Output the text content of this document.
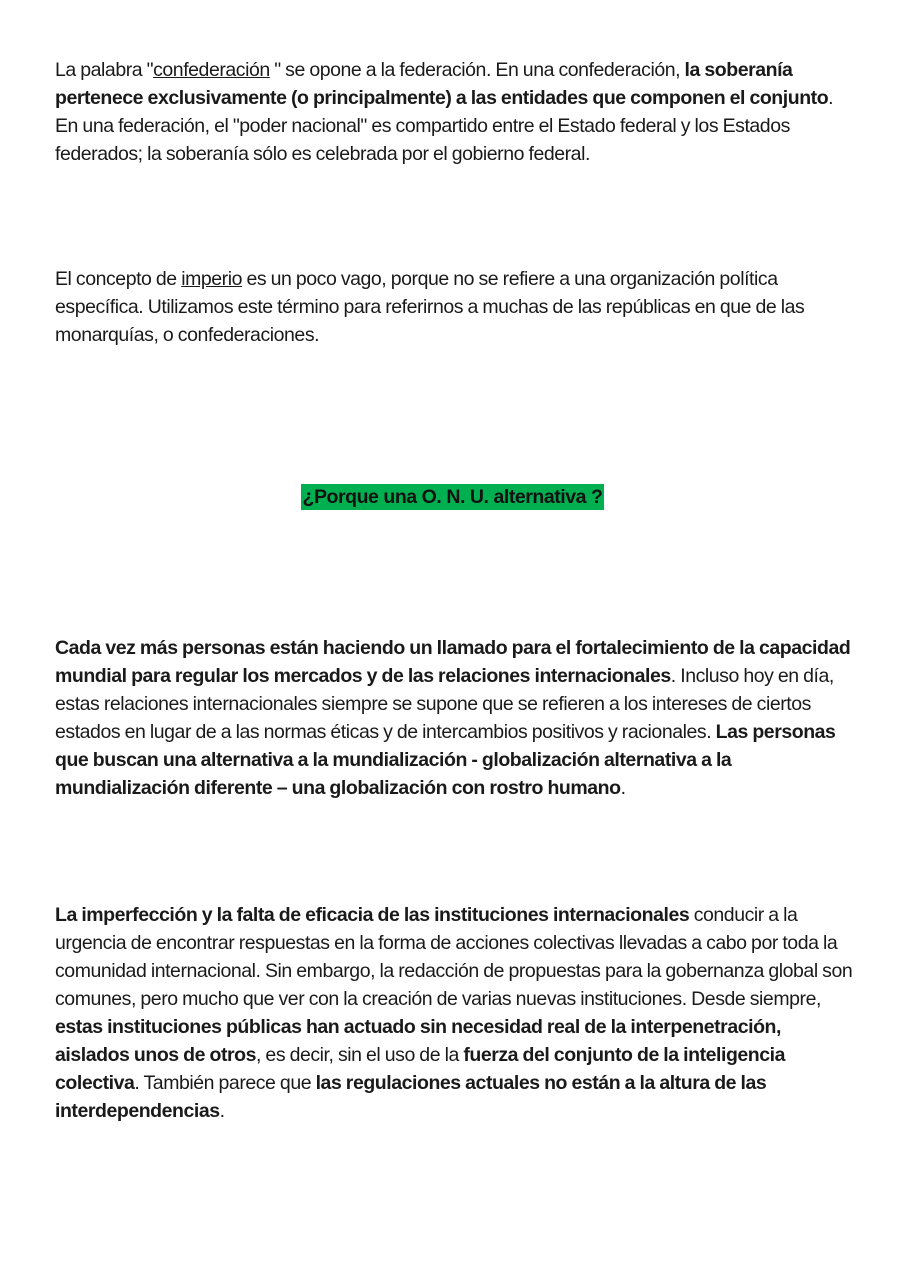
La palabra "confederación " se opone a la federación. En una confederación, la soberanía pertenece exclusivamente (o principalmente) a las entidades que componen el conjunto. En una federación, el "poder nacional" es compartido entre el Estado federal y los Estados federados; la soberanía sólo es celebrada por el gobierno federal.

El concepto de imperio es un poco vago, porque no se refiere a una organización política específica. Utilizamos este término para referirnos a muchas de las repúblicas en que de las monarquías, o confederaciones.

¿Porque una O. N. U. alternativa ?

Cada vez más personas están haciendo un llamado para el fortalecimiento de la capacidad mundial para regular los mercados y de las relaciones internacionales. Incluso hoy en día, estas relaciones internacionales siempre se supone que se refieren a los intereses de ciertos estados en lugar de a las normas éticas y de intercambios positivos y racionales. Las personas que buscan una alternativa a la mundialización - globalización alternativa a la mundialización diferente – una globalización con rostro humano.

La imperfección y la falta de eficacia de las instituciones internacionales conducir a la urgencia de encontrar respuestas en la forma de acciones colectivas llevadas a cabo por toda la comunidad internacional. Sin embargo, la redacción de propuestas para la gobernanza global son comunes, pero mucho que ver con la creación de varias nuevas instituciones. Desde siempre, estas instituciones públicas han actuado sin necesidad real de la interpenetración, aislados unos de otros, es decir, sin el uso de la fuerza del conjunto de la inteligencia colectiva. También parece que las regulaciones actuales no están a la altura de las interdependencias.
